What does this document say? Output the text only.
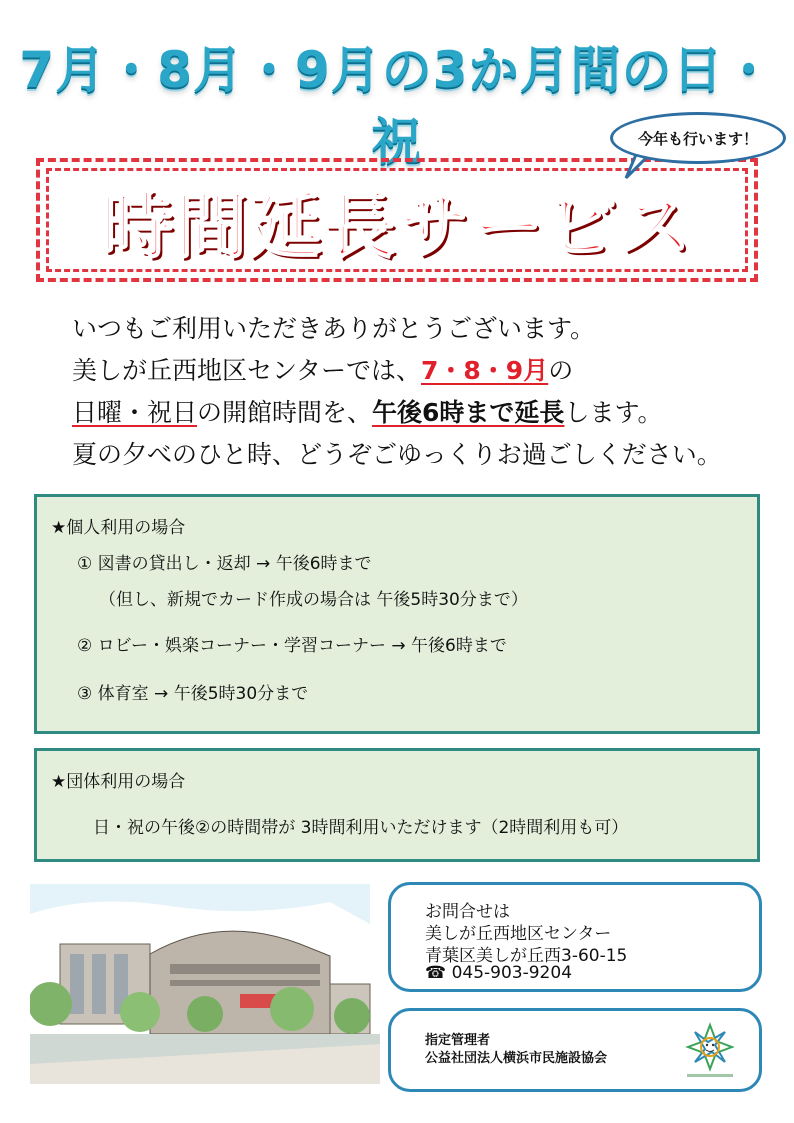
7月・8月・9月の3か月間の日・祝	今年も行います！
時間延長サービス
いつもご利用いただきありがとうございます。
美しが丘西地区センターでは、7・8・9月の
日曜・祝日の開館時間を、午後6時まで延長します。
夏の夕べのひと時、どうぞごゆっくりお過ごしください。
★個人利用の場合
① 図書の貸出し・返却 → 午後6時まで
（但し、新規でカード作成の場合は 午後5時30分まで）
② ロビー・娯楽コーナー・学習コーナー → 午後6時まで
③ 体育室 → 午後5時30分まで
★団体利用の場合
日・祝の午後②の時間帯が 3時間利用いただけます（2時間利用も可）
お問合せは
美しが丘西地区センター
青葉区美しが丘西3-60-15
☎ 045-903-9204
指定管理者
公益社団法人横浜市民施設協会
